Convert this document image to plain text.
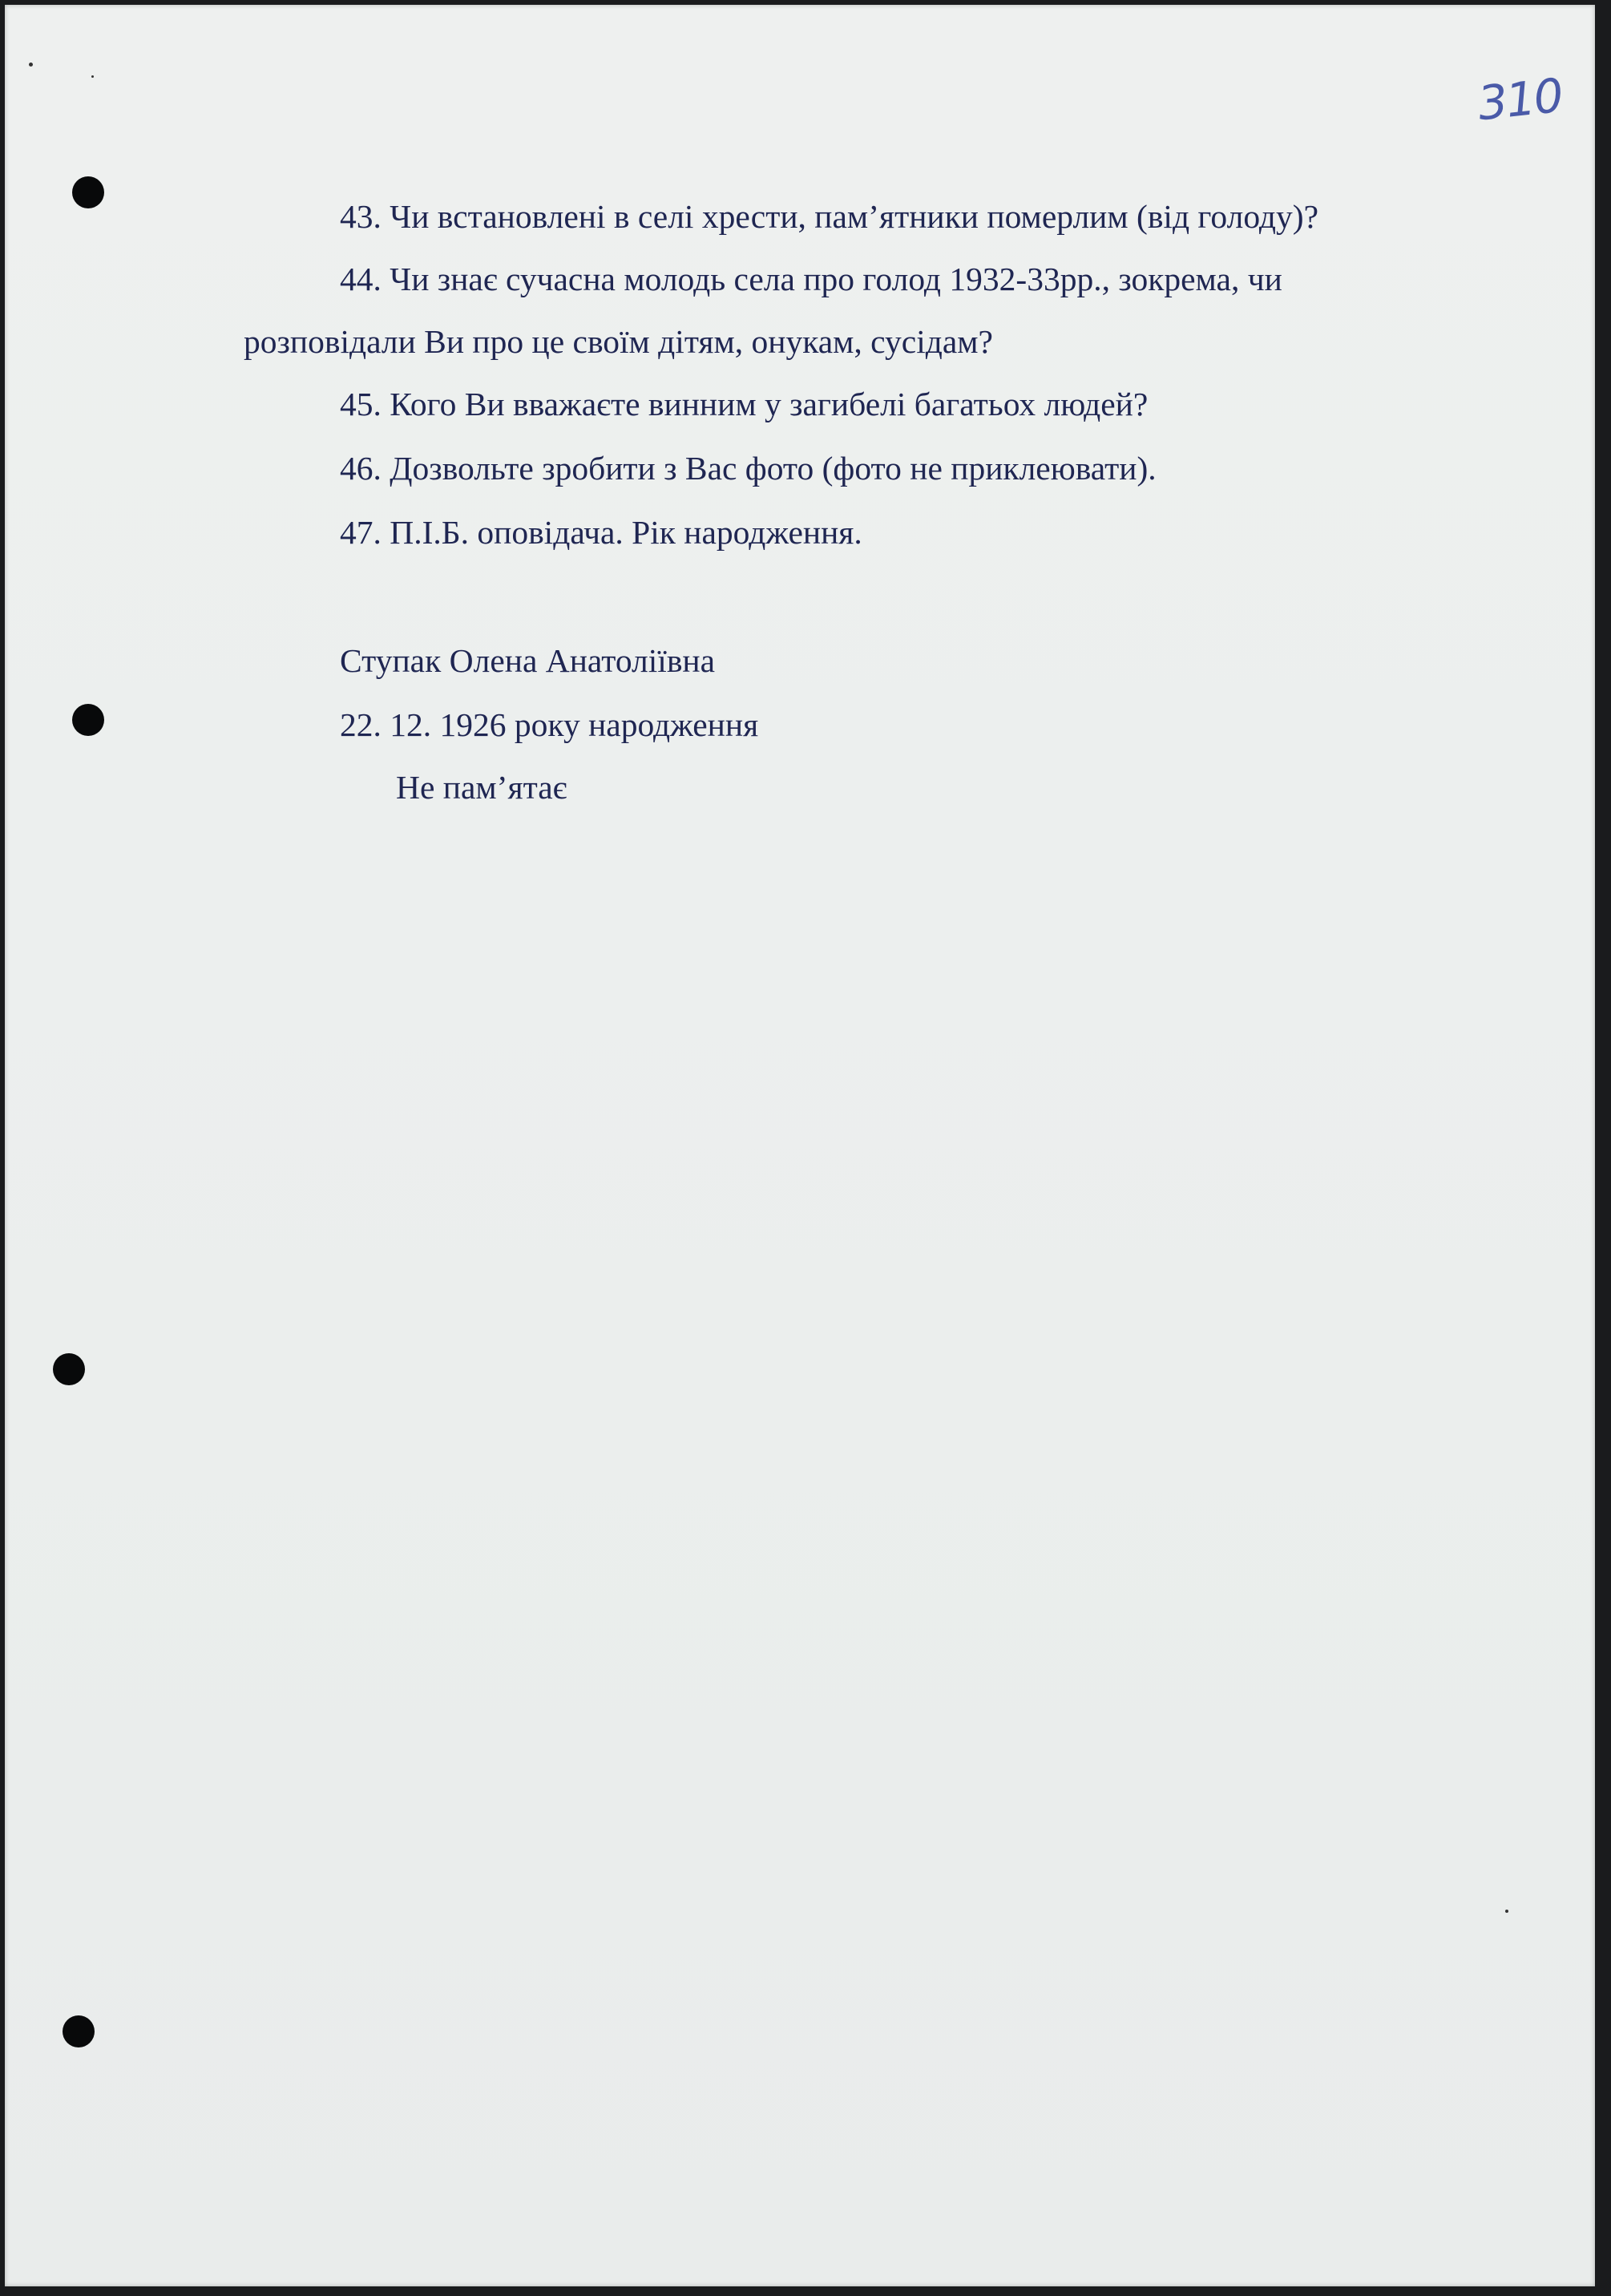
310
43. Чи встановлені в селі хрести, пам’ятники померлим (від голоду)?
44. Чи знає сучасна молодь села про голод 1932-33рр., зокрема, чи
розповідали Ви про це своїм дітям, онукам, сусідам?
45. Кого Ви вважаєте винним у загибелі багатьох людей?
46. Дозвольте зробити з Вас фото (фото не приклеювати).
47. П.І.Б. оповідача. Рік народження.
Ступак Олена Анатоліївна
22. 12. 1926 року народження
Не пам’ятає
